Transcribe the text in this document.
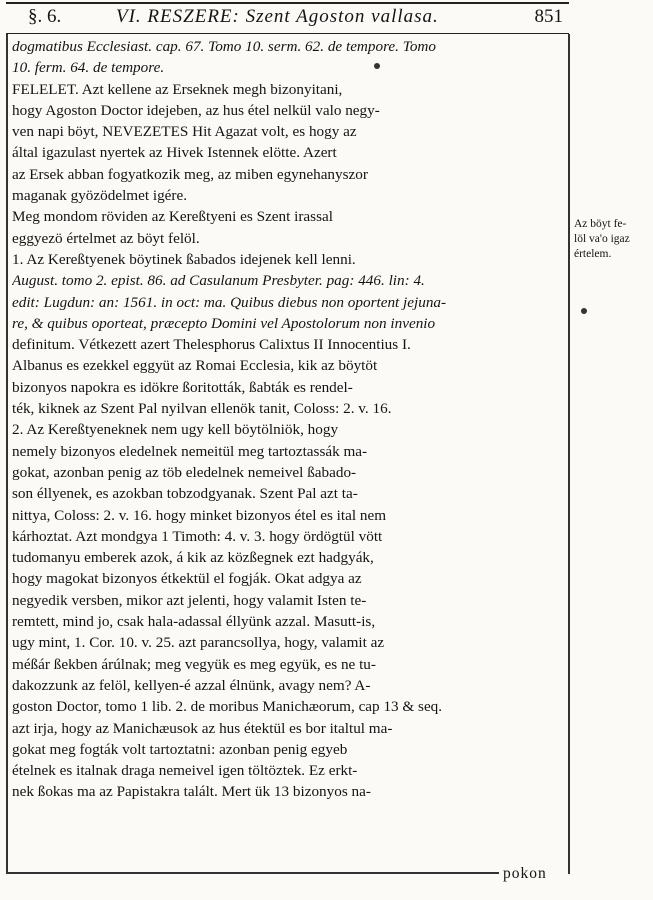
§. 6.	VI. RESZERE: Szent Agoston vallasa.	851
dogmatibus Ecclesiast. cap. 67. Tomo 10. serm. 62. de tempore. Tomo
10. ferm. 64. de tempore.
FELELET. Azt kellene az Erseknek megh bizonyitani,
hogy Agoston Doctor idejeben, az hus étel nelkül valo negy-
ven napi böyt, NEVEZETES Hit Agazat volt, es hogy az
által igazulast nyertek az Hivek Istennek elötte. Azert
az Ersek abban fogyatkozik meg, az miben egynehanyszor
maganak gyözödelmet igére.
Meg mondom röviden az Kereßtyeni es Szent irassal
eggyezö értelmet az böyt felöl.
1. Az Kereßtyenek böytinek ßabados idejenek kell lenni.
August. tomo 2. epist. 86. ad Casulanum Presbyter. pag: 446. lin: 4.
edit: Lugdun: an: 1561. in oct: ma. Quibus diebus non oportent jejuna-
re, & quibus oporteat, præcepto Domini vel Apostolorum non invenio
definitum. Vétkezett azert Thelesphorus Calixtus II Innocentius I.
Albanus es ezekkel eggyüt az Romai Ecclesia, kik az böytöt
bizonyos napokra es idökre ßoritották, ßabták es rendel-
ték, kiknek az Szent Pal nyilvan ellenök tanit, Coloss: 2. v. 16.
2. Az Kereßtyeneknek nem ugy kell böytölniök, hogy
nemely bizonyos eledelnek nemeitül meg tartoztassák ma-
gokat, azonban penig az töb eledelnek nemeivel ßabado-
son éllyenek, es azokban tobzodgyanak. Szent Pal azt ta-
nittya, Coloss: 2. v. 16. hogy minket bizonyos étel es ital nem
kárhoztat. Azt mondgya 1 Timoth: 4. v. 3. hogy ördögtül vött
tudomanyu emberek azok, á kik az közßegnek ezt hadgyák,
hogy magokat bizonyos étkektül el fogják. Okat adgya az
negyedik versben, mikor azt jelenti, hogy valamit Isten te-
remtett, mind jo, csak hala-adassal éllyünk azzal. Masutt-is,
ugy mint, 1. Cor. 10. v. 25. azt parancsollya, hogy, valamit az
méßár ßekben árúlnak; meg vegyük es meg együk, es ne tu-
dakozzunk az felöl, kellyen-é azzal élnünk, avagy nem? A-
goston Doctor, tomo 1 lib. 2. de moribus Manichæorum, cap 13 & seq.
azt irja, hogy az Manichæusok az hus étektül es bor italtul ma-
gokat meg fogták volt tartoztatni: azonban penig egyeb
ételnek es italnak draga nemeivel igen töltöztek. Ez erkt-
nek ßokas ma az Papistakra talált. Mert ük 13 bizonyos na-
Az böyt fe-
löl va'o igaz
értelem.
pokon
